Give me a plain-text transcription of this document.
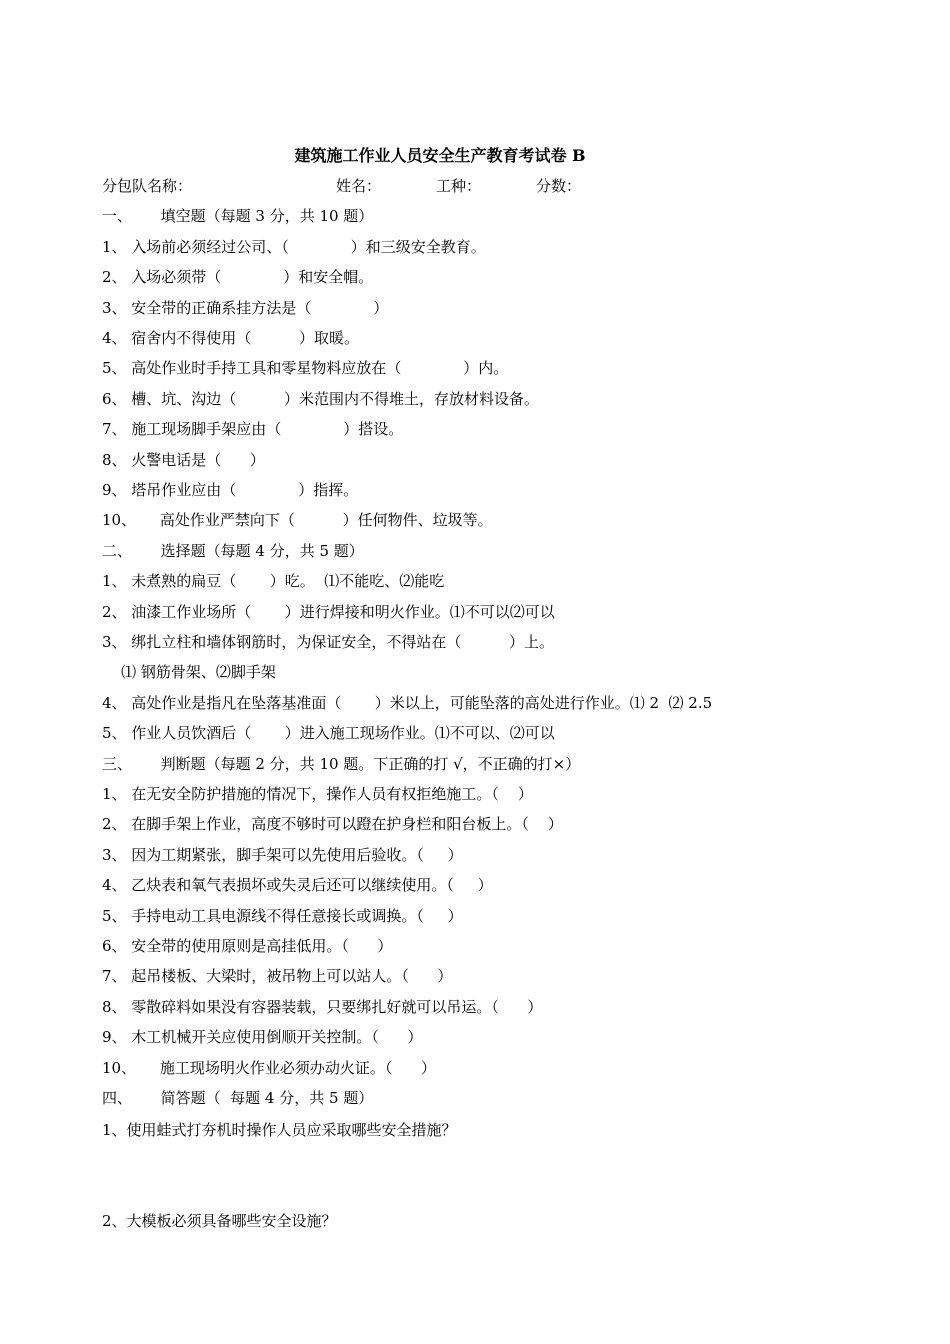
建筑施工作业人员安全生产教育考试卷 B

分包队名称：

	姓名：

	工种：

	分数：

一、      填空题（每题 3 分，共 10 题）
1、 入场前必须经过公司、（             ）和三级安全教育。
2、 入场必须带（             ）和安全帽。
3、 安全带的正确系挂方法是（             ）
4、 宿舍内不得使用（          ）取暖。
5、 高处作业时手持工具和零星物料应放在（             ）内。
6、 槽、坑、沟边（          ）米范围内不得堆土，存放材料设备。
7、 施工现场脚手架应由（             ）搭设。
8、 火警电话是（      ）
9、 塔吊作业应由（             ）指挥。
10、     高处作业严禁向下（          ）任何物件、垃圾等。
二、      选择题（每题 4 分，共 5 题）
1、 未煮熟的扁豆（       ）吃。  ⑴不能吃、⑵能吃
2、 油漆工作业场所（       ）进行焊接和明火作业。⑴不可以⑵可以
3、 绑扎立柱和墙体钢筋时，为保证安全，不得站在（          ）上。
⑴ 钢筋骨架、⑵脚手架
4、 高处作业是指凡在坠落基准面（       ）米以上，可能坠落的高处进行作业。⑴ 2  ⑵ 2.5
5、 作业人员饮酒后（       ）进入施工现场作业。⑴不可以、⑵可以
三、      判断题（每题 2 分，共 10 题。下正确的打 √，不正确的打×）
1、 在无安全防护措施的情况下，操作人员有权拒绝施工。（    ）
2、 在脚手架上作业，高度不够时可以蹬在护身栏和阳台板上。（    ）
3、 因为工期紧张，脚手架可以先使用后验收。（     ）
4、 乙炔表和氧气表损坏或失灵后还可以继续使用。（     ）
5、 手持电动工具电源线不得任意接长或调换。（     ）
6、 安全带的使用原则是高挂低用。（      ）
7、 起吊楼板、大梁时，被吊物上可以站人。（      ）
8、 零散碎料如果没有容器装载，只要绑扎好就可以吊运。（      ）
9、 木工机械开关应使用倒顺开关控制。（      ）
10、     施工现场明火作业必须办动火证。（      ）
四、      简答题（  每题 4 分，共 5 题）
1、使用蛙式打夯机时操作人员应采取哪些安全措施？
2、大模板必须具备哪些安全设施？
